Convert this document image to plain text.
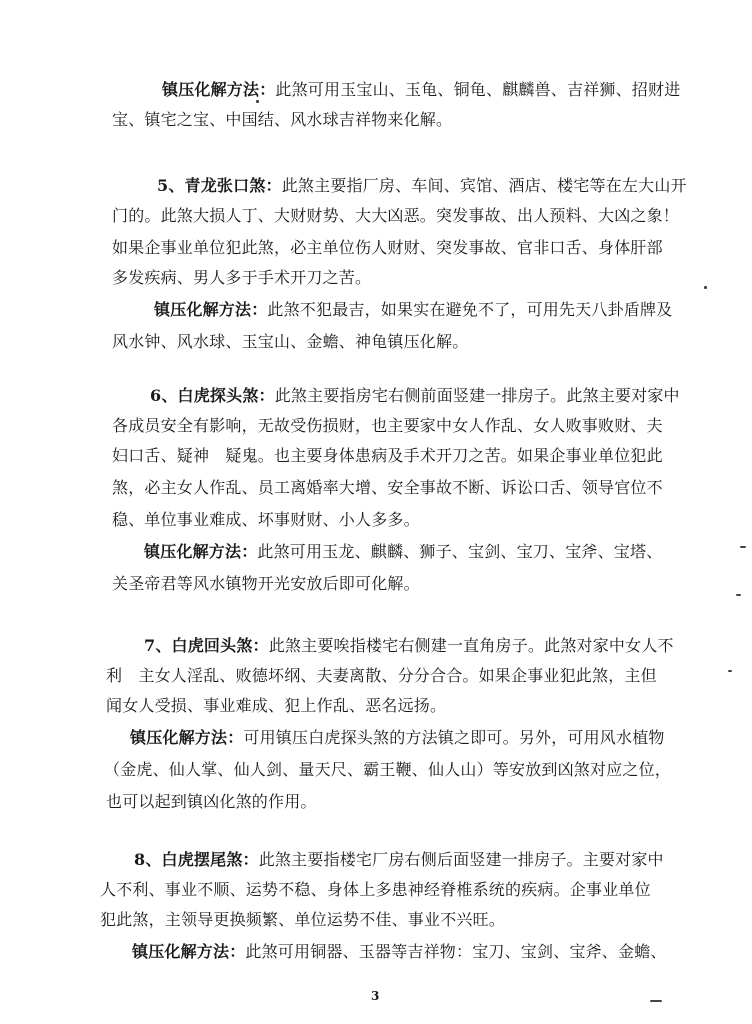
镇压化解方法：此煞可用玉宝山、玉龟、铜龟、麒麟兽、吉祥狮、招财进
宝、镇宅之宝、中国结、风水球吉祥物来化解。
5、青龙张口煞：此煞主要指厂房、车间、宾馆、酒店、楼宅等在左大山开
门的。此煞大损人丁、大财财势、大大凶恶。突发事故、出人预料、大凶之象！
如果企事业单位犯此煞，必主单位伤人财财、突发事故、官非口舌、身体肝部
多发疾病、男人多于手术开刀之苦。
镇压化解方法：此煞不犯最吉，如果实在避免不了，可用先天八卦盾牌及
风水钟、风水球、玉宝山、金蟾、神龟镇压化解。
6、白虎探头煞：此煞主要指房宅右侧前面竖建一排房子。此煞主要对家中
各成员安全有影响，无故受伤损财，也主要家中女人作乱、女人败事败财、夫
妇口舌、疑神　疑鬼。也主要身体患病及手术开刀之苦。如果企事业单位犯此
煞，必主女人作乱、员工离婚率大增、安全事故不断、诉讼口舌、领导官位不
稳、单位事业难成、坏事财财、小人多多。
镇压化解方法：此煞可用玉龙、麒麟、狮子、宝剑、宝刀、宝斧、宝塔、
关圣帝君等风水镇物开光安放后即可化解。
7、白虎回头煞：此煞主要唉指楼宅右侧建一直角房子。此煞对家中女人不
利　主女人淫乱、败德坏纲、夫妻离散、分分合合。如果企事业犯此煞，主但
闻女人受损、事业难成、犯上作乱、恶名远扬。
镇压化解方法：可用镇压白虎探头煞的方法镇之即可。另外，可用风水植物
（金虎、仙人掌、仙人剑、量天尺、霸王鞭、仙人山）等安放到凶煞对应之位，
也可以起到镇凶化煞的作用。
8、白虎摆尾煞：此煞主要指楼宅厂房右侧后面竖建一排房子。主要对家中
人不利、事业不顺、运势不稳、身体上多患神经脊椎系统的疾病。企事业单位
犯此煞，主领导更换频繁、单位运势不佳、事业不兴旺。
镇压化解方法：此煞可用铜器、玉器等吉祥物：宝刀、宝剑、宝斧、金蟾、
3
